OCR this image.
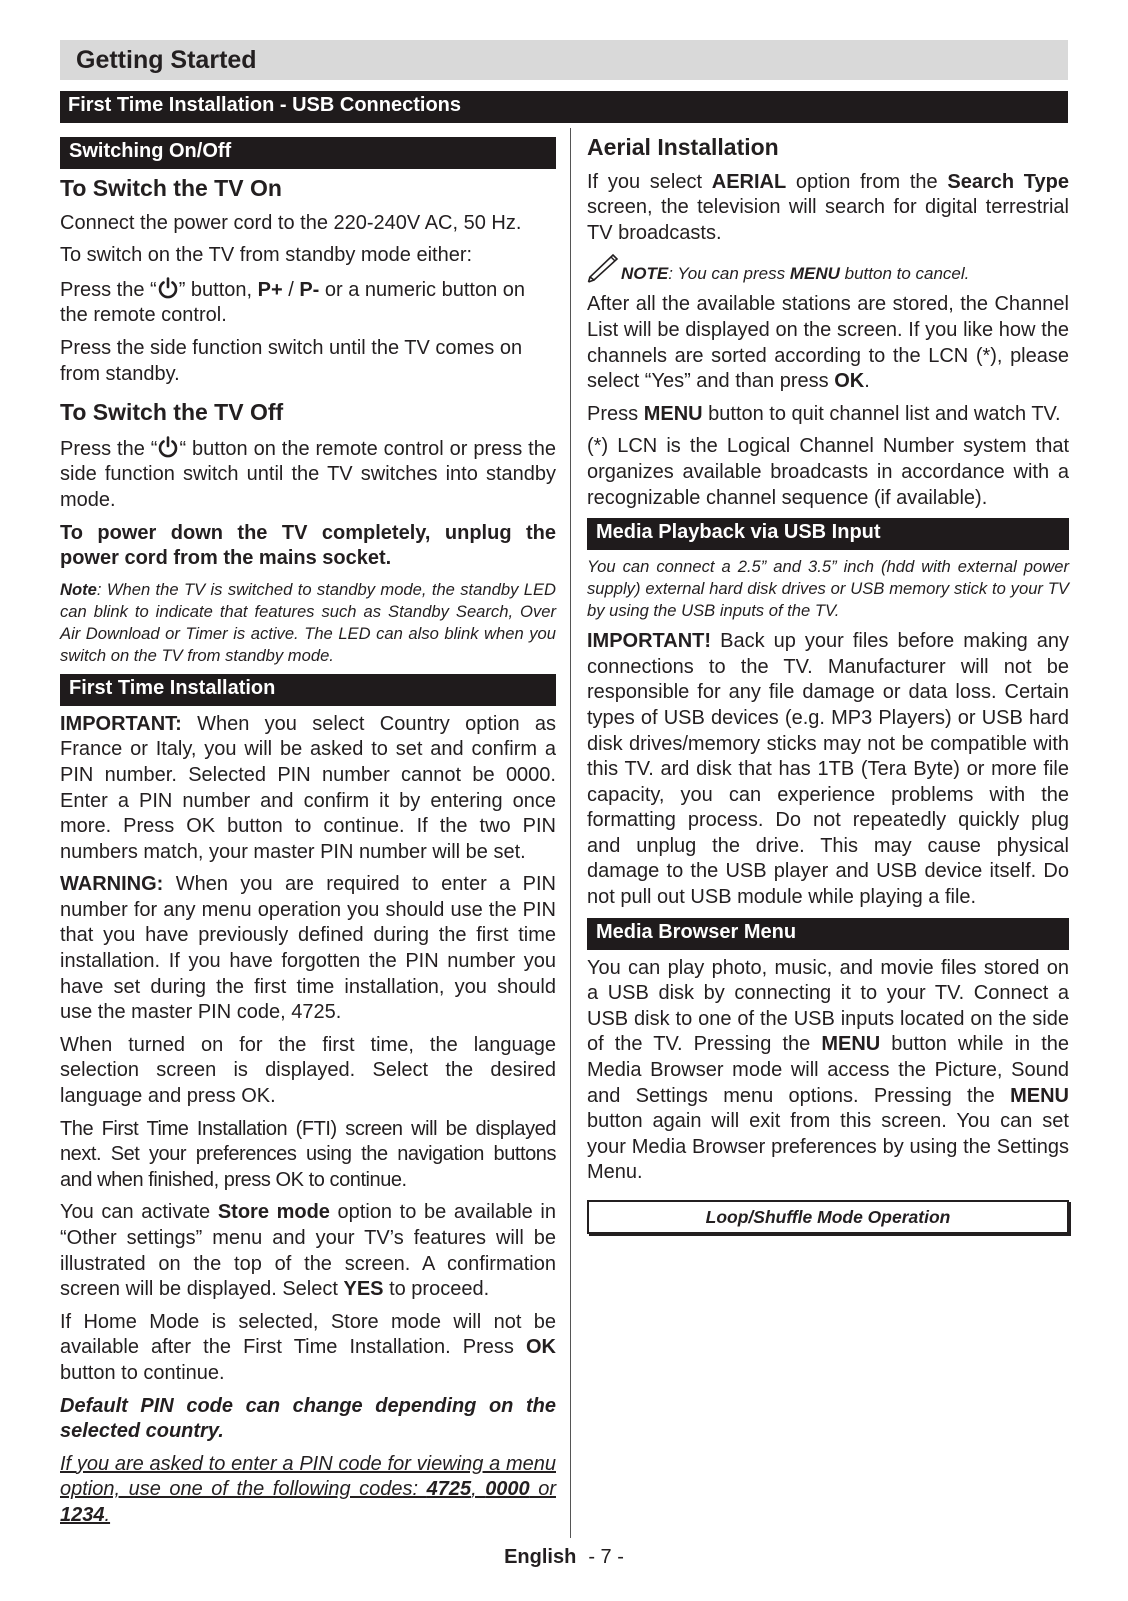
Getting Started
First Time Installation - USB Connections
Switching On/Off
To Switch the TV On

Connect the power cord to the 220-240V AC, 50 Hz.

To switch on the TV from standby mode either:

Press the “ ” button, P+ / P- or a numeric button on the remote control.

Press the side function switch until the TV comes on from standby.

To Switch the TV Off

Press the “ “ button on the remote control or press the side function switch until the TV switches into standby mode.

To power down the TV completely, unplug the power cord from the mains socket.

Note: When the TV is switched to standby mode, the standby LED can blink to indicate that features such as Standby Search, Over Air Download or Timer is active. The LED can also blink when you switch on the TV from standby mode.
First Time Installation

IMPORTANT: When you select Country option as France or Italy, you will be asked to set and confirm a PIN number. Selected PIN number cannot be 0000. Enter a PIN number and confirm it by entering once more. Press OK button to continue. If the two PIN numbers match, your master PIN number will be set.

WARNING: When you are required to enter a PIN number for any menu operation you should use the PIN that you have previously defined during the first time installation. If you have forgotten the PIN number you have set during the first time installation, you should use the master PIN code, 4725.

When turned on for the first time, the language selection screen is displayed. Select the desired language and press OK.

The First Time Installation (FTI) screen will be displayed next. Set your preferences using the navigation buttons and when finished, press OK to continue.

You can activate Store mode option to be available in “Other settings” menu and your TV’s features will be illustrated on the top of the screen. A confirmation screen will be displayed. Select YES to proceed.

If Home Mode is selected, Store mode will not be available after the First Time Installation. Press OK button to continue.

Default PIN code can change depending on the selected country.

If you are asked to enter a PIN code for viewing a menu option, use one of the following codes: 4725, 0000 or 1234.

Aerial Installation

If you select AERIAL option from the Search Type screen, the television will search for digital terrestrial TV broadcasts.

NOTE: You can press MENU button to cancel.

After all the available stations are stored, the Channel List will be displayed on the screen. If you like how the channels are sorted according to the LCN (*), please select “Yes” and than press OK.

Press MENU button to quit channel list and watch TV.

(*) LCN is the Logical Channel Number system that organizes available broadcasts in accordance with a recognizable channel sequence (if available).

Media Playback via USB Input
You can connect a 2.5” and 3.5” inch (hdd with external power supply) external hard disk drives or USB memory stick to your TV by using the USB inputs of the TV.

IMPORTANT! Back up your files before making any connections to the TV. Manufacturer will not be responsible for any file damage or data loss. Certain types of USB devices (e.g. MP3 Players) or USB hard disk drives/memory sticks may not be compatible with this TV. ard disk that has 1TB (Tera Byte) or more file capacity, you can experience problems with the formatting process. Do not repeatedly quickly plug and unplug the drive. This may cause physical damage to the USB player and USB device itself. Do not pull out USB module while playing a file.

Media Browser Menu

You can play photo, music, and movie files stored on a USB disk by connecting it to your TV. Connect a USB disk to one of the USB inputs located on the side of the TV. Pressing the MENU button while in the Media Browser mode will access the Picture, Sound and Settings menu options. Pressing the MENU button again will exit from this screen. You can set your Media Browser preferences by using the Settings Menu.

Loop/Shuffle Mode Operation
English - 7 -
